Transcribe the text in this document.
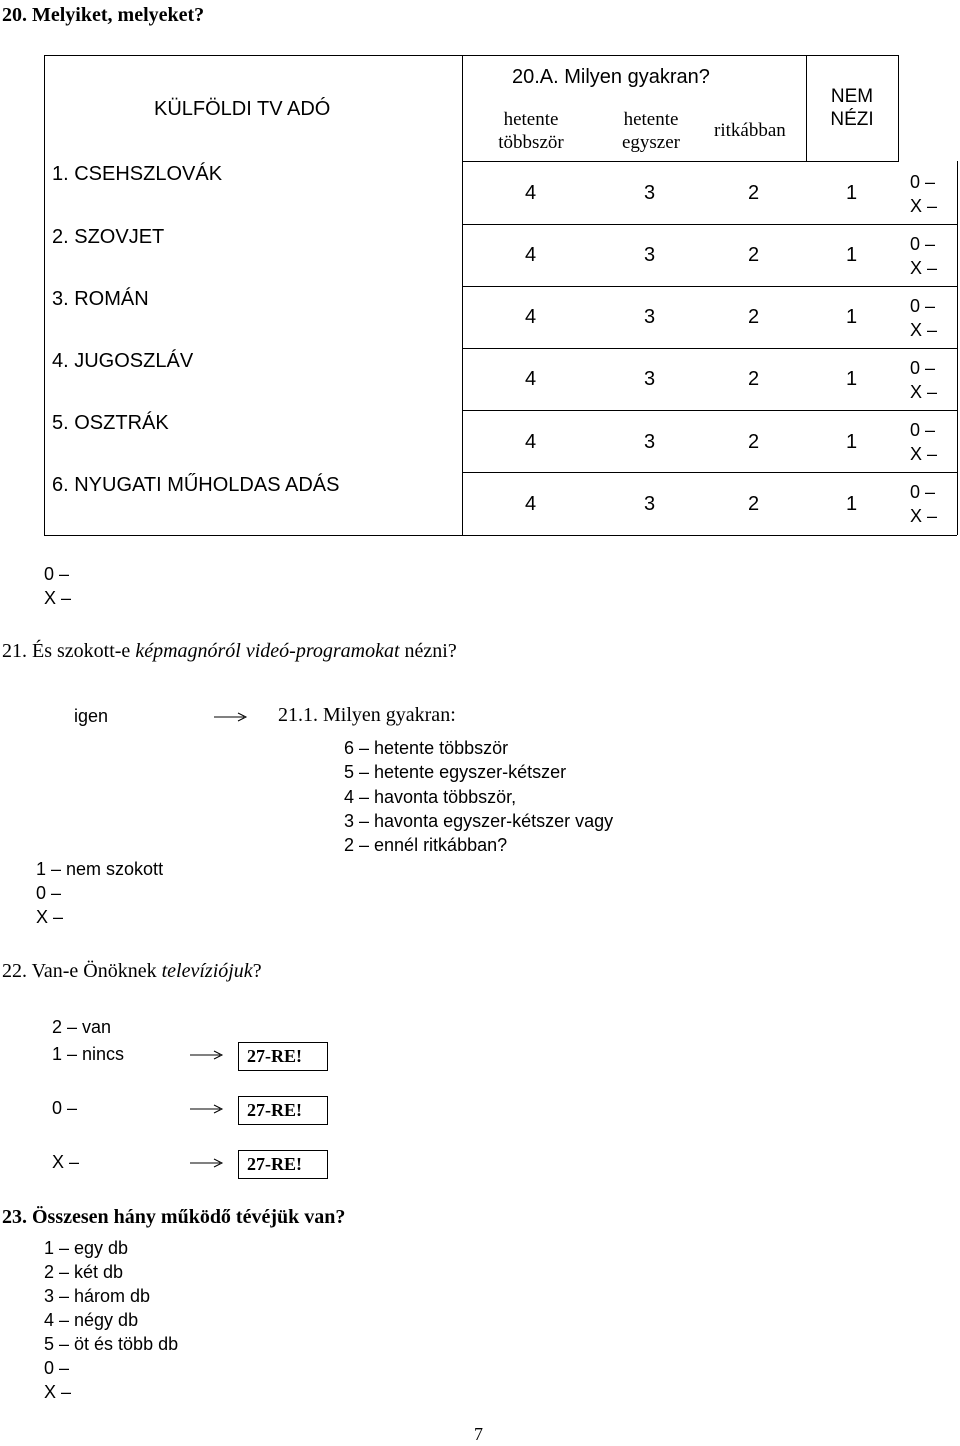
20. Melyiket, melyeket?
KÜLFÖLDI TV ADÓ
20.A. Milyen gyakran?
hetente többször
hetente egyszer
ritkábban
NEM NÉZI
1. CSEHSZLOVÁK
4	3	2	1	0 –
X –
2. SZOVJET
4	3	2	1	0 –
X –
3. ROMÁN
4	3	2	1	0 –
X –
4. JUGOSZLÁV
4	3	2	1	0 –
X –
5. OSZTRÁK
4	3	2	1
0 –
X –
6. NYUGATI MŰHOLDAS ADÁS
4	3	2	1
0 –
X –
0 –
X –
21. És szokott-e képmagnóról videó-programokat nézni?
igen	21.1. Milyen gyakran:
6 – hetente többször
5 – hetente egyszer-kétszer
4 – havonta többször,
3 – havonta egyszer-kétszer vagy
2 – ennél ritkábban?
1 – nem szokott
0 –
X –
22. Van-e Önöknek televíziójuk?
2 – van
1 – nincs	27-RE!
0 –	27-RE!
X –	27-RE!
23. Összesen hány működő tévéjük van?
1 – egy db
2 – két db
3 – három db
4 – négy db
5 – öt és több db
0 –
X –
7
